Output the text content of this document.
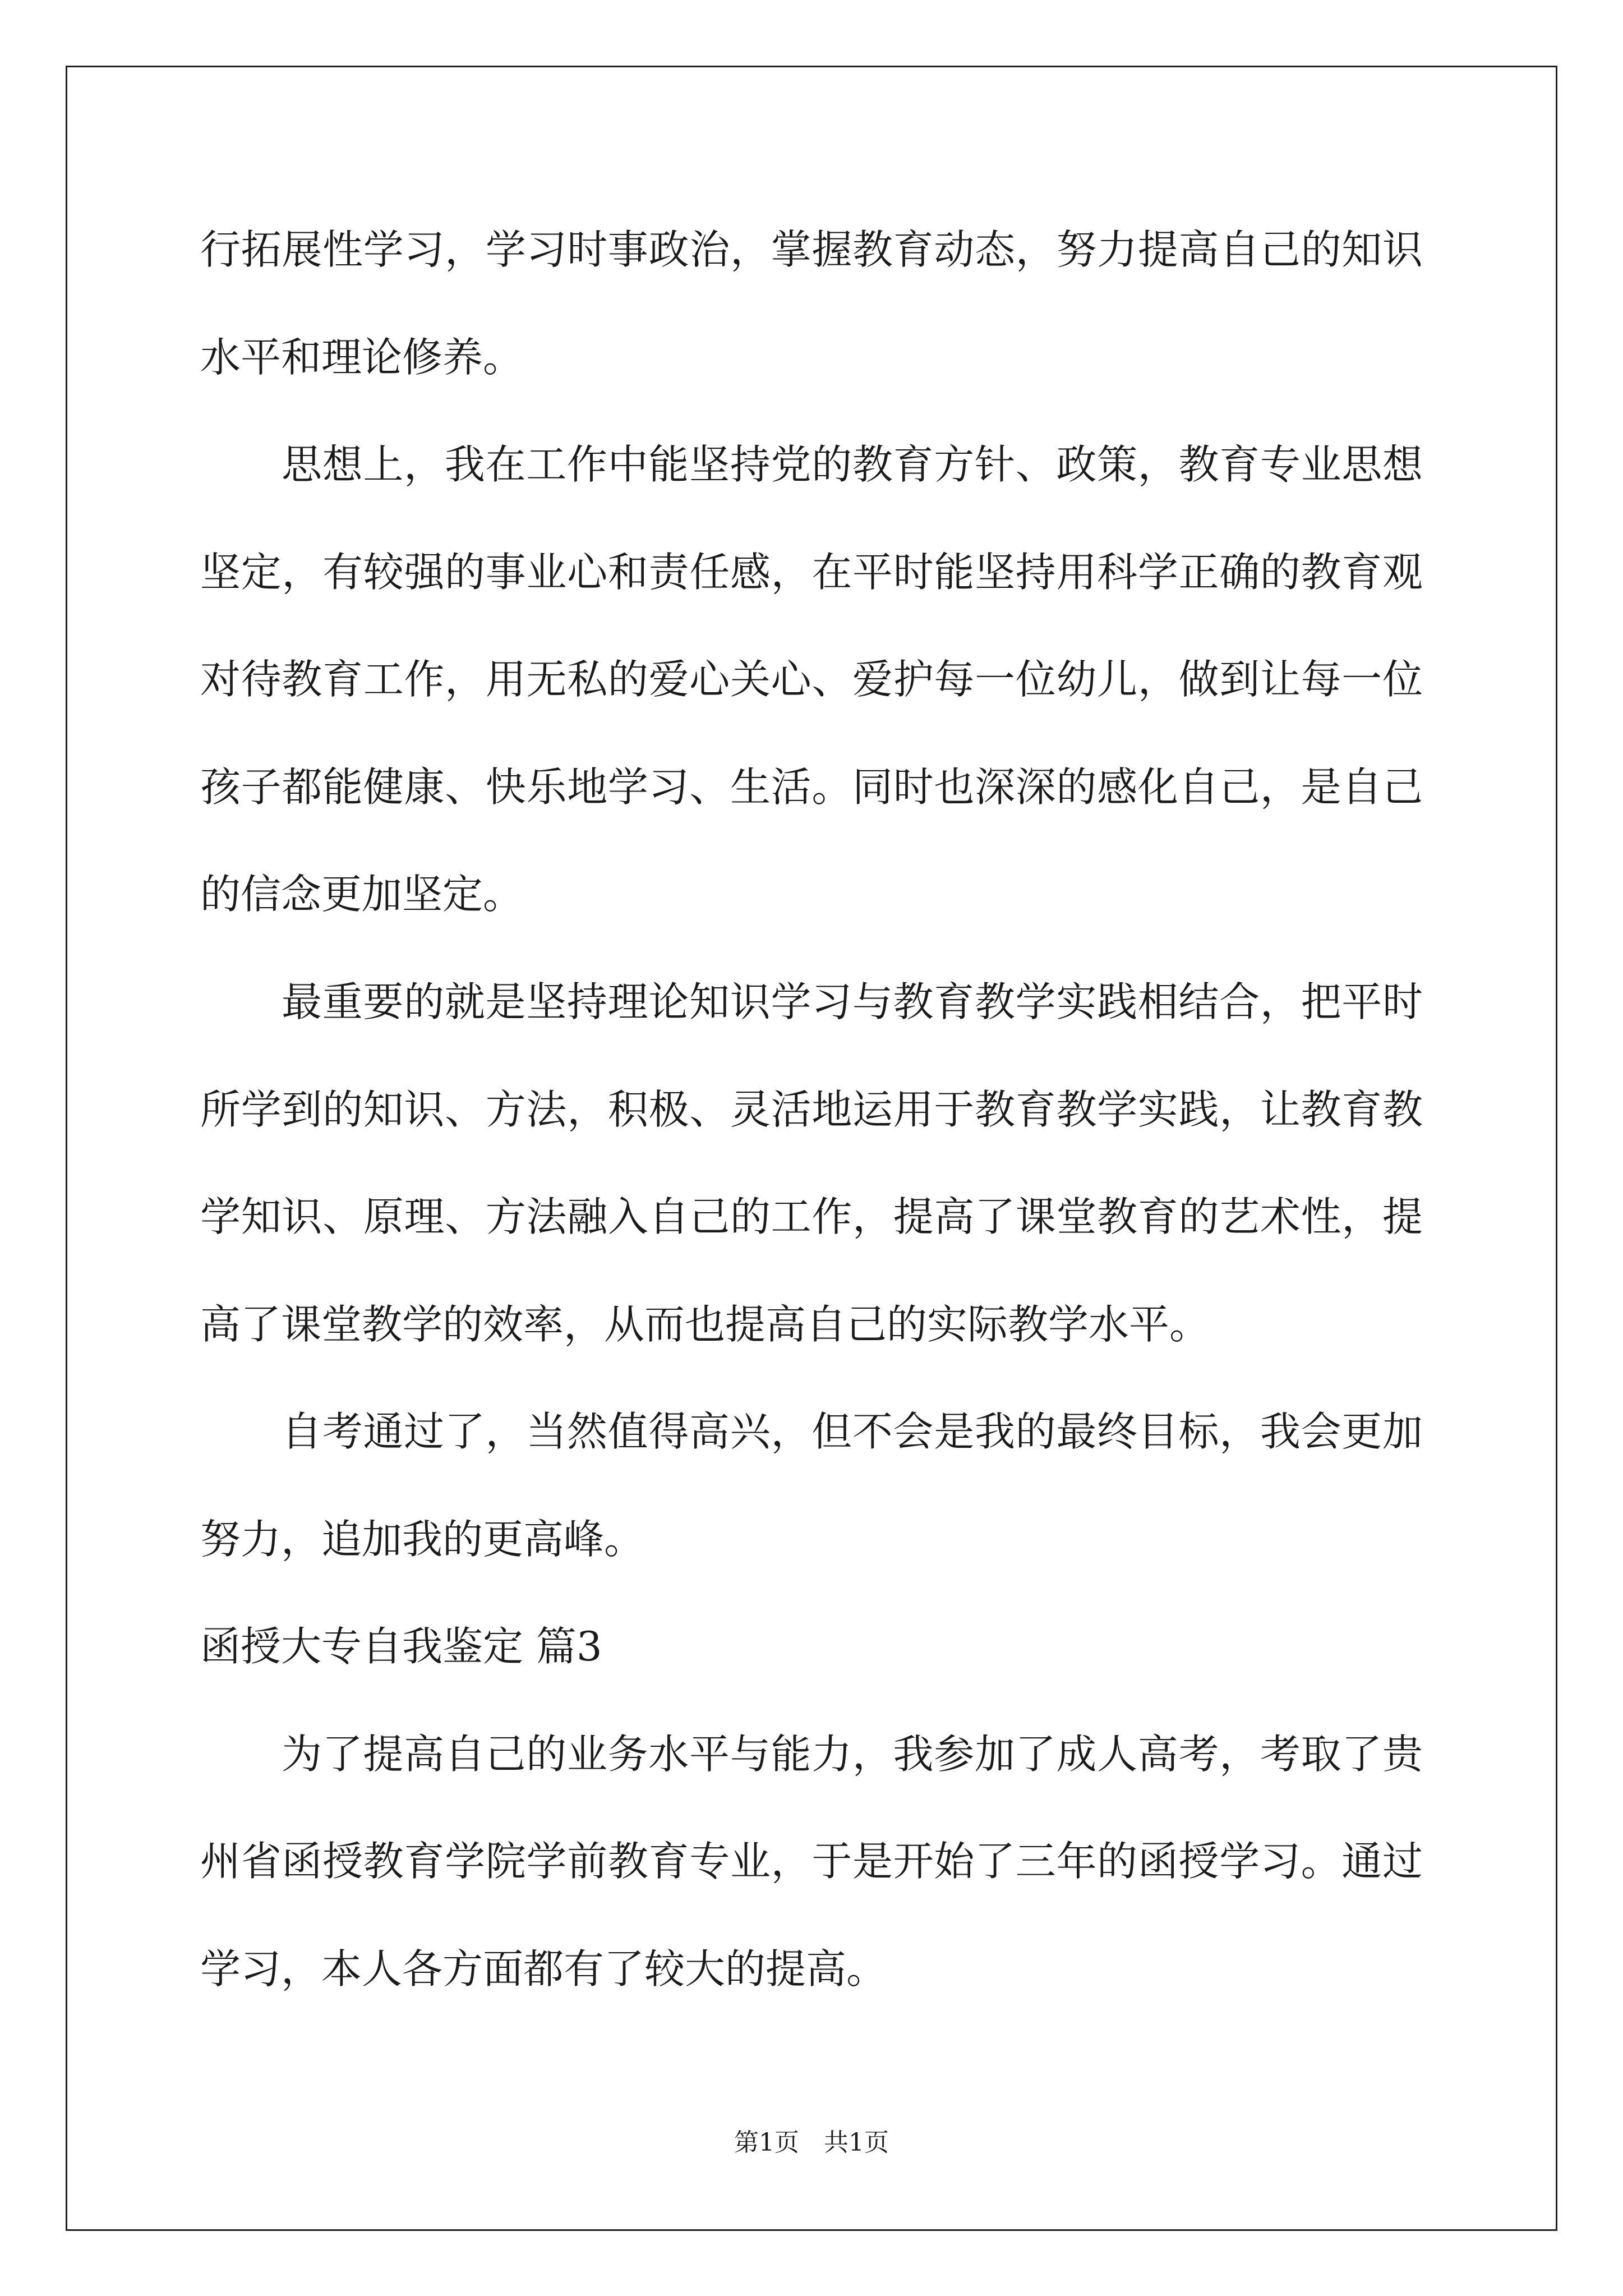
行拓展性学习，学习时事政治，掌握教育动态，努力提高自己的知识
水平和理论修养。
思想上，我在工作中能坚持党的教育方针、政策，教育专业思想
坚定，有较强的事业心和责任感，在平时能坚持用科学正确的教育观
对待教育工作，用无私的爱心关心、爱护每一位幼儿，做到让每一位
孩子都能健康、快乐地学习、生活。同时也深深的感化自己，是自己
的信念更加坚定。
最重要的就是坚持理论知识学习与教育教学实践相结合，把平时
所学到的知识、方法，积极、灵活地运用于教育教学实践，让教育教
学知识、原理、方法融入自己的工作，提高了课堂教育的艺术性，提
高了课堂教学的效率，从而也提高自己的实际教学水平。
自考通过了，当然值得高兴，但不会是我的最终目标，我会更加
努力，追加我的更高峰。
函授大专自我鉴定 篇3
为了提高自己的业务水平与能力，我参加了成人高考，考取了贵
州省函授教育学院学前教育专业，于是开始了三年的函授学习。通过
学习，本人各方面都有了较大的提高。
第1页　共1页
